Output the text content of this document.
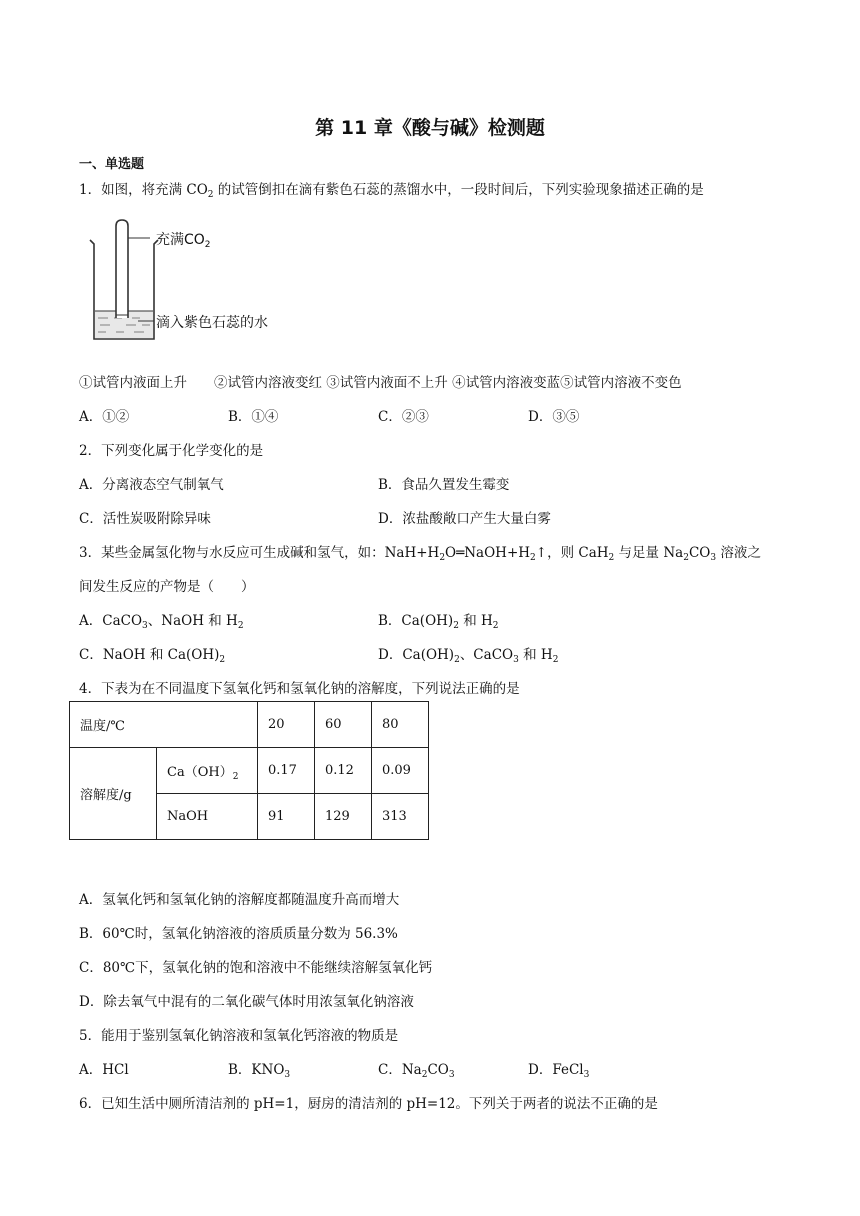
第 11 章《酸与碱》检测题
一、单选题
1．如图，将充满 $CO_2$ 的试管倒扣在滴有紫色石蕊的蒸馏水中，一段时间后，下列实验现象描述正确的是
充满$CO_2$
滴入紫色石蕊的水
①试管内液面上升　　②试管内溶液变红 ③试管内液面不上升 ④试管内溶液变蓝⑤试管内溶液不变色
A．①②	B．①④	C．②③	D．③⑤
2．下列变化属于化学变化的是
A．分离液态空气制氧气	B．食品久置发生霉变
C．活性炭吸附除异味	D．浓盐酸敞口产生大量白雾
3．某些金属氢化物与水反应可生成碱和氢气，如：$NaH+H_2O═NaOH+H_2↑$，则 CaH$_2$ 与足量 $Na_2CO_3$ 溶液之
间发生反应的产物是（　　）
A．CaCO$_3$、NaOH 和 $H_2$	B．$Ca(OH)_2$ 和 $H_2$
C．NaOH 和 $Ca(OH)_2$	D．$Ca(OH)_2$、CaCO$_3$ 和 $H_2$
4．下表为在不同温度下氢氧化钙和氢氧化钠的溶解度，下列说法正确的是
温度/℃		20	60	80
溶解度/g	$Ca(OH)_2$	0.17	0.12	0.09
	NaOH	91	129	313
A．氢氧化钙和氢氧化钠的溶解度都随温度升高而增大
B．60℃时，氢氧化钠溶液的溶质质量分数为 56.3%
C．80℃下，氢氧化钠的饱和溶液中不能继续溶解氢氧化钙
D．除去氧气中混有的二氧化碳气体时用浓氢氧化钠溶液
5．能用于鉴别氢氧化钠溶液和氢氧化钙溶液的物质是
A．HCl	B．$KNO_3$	C．$Na_2CO_3$	D．FeCl$_3$
6．已知生活中厕所清洁剂的 pH=1，厨房的清洁剂的 pH=12。下列关于两者的说法不正确的是
